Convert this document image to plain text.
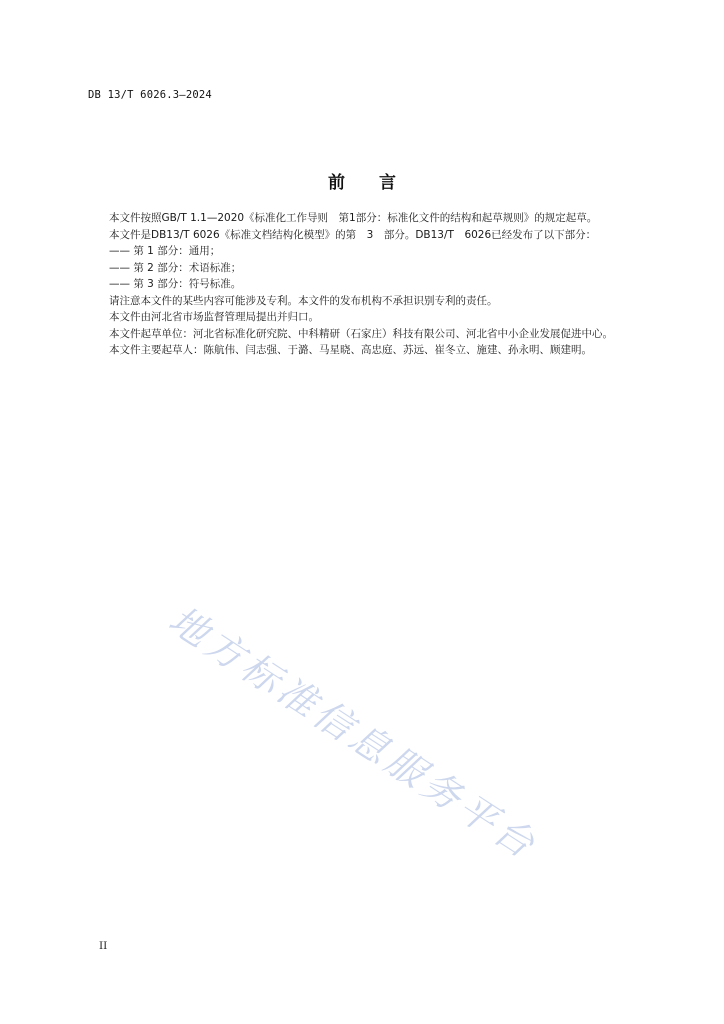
DB 13/T 6026.3—2024
前 言

本文件按照GB/T 1.1—2020《标准化工作导则　第1部分：标准化文件的结构和起草规则》的规定起草。

本文件是DB13/T 6026《标准文档结构化模型》的第　3　部分。DB13/T　6026已经发布了以下部分：

—— 第 1 部分：通用；

—— 第 2 部分：术语标准；

—— 第 3 部分：符号标准。

请注意本文件的某些内容可能涉及专利。本文件的发布机构不承担识别专利的责任。

本文件由河北省市场监督管理局提出并归口。

本文件起草单位：河北省标准化研究院、中科精研（石家庄）科技有限公司、河北省中小企业发展促进中心。

本文件主要起草人：陈航伟、闫志强、于潞、马星晓、高忠庭、苏远、崔冬立、施建、孙永明、顾建明。

地方标准信息服务平台
II
